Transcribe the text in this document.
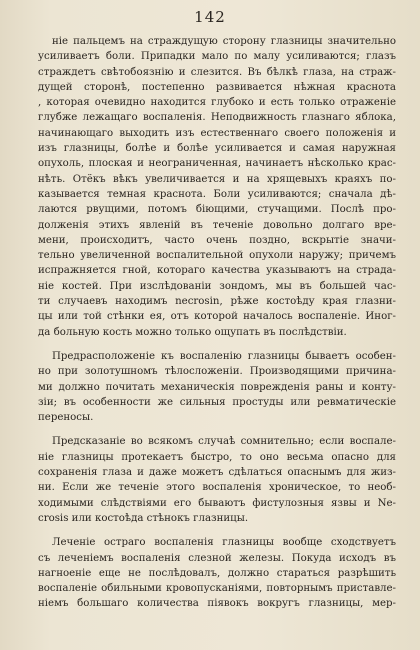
142

ніе пальцемъ на страждущую сторону глазницы значительно
усиливаетъ боли. Припадки мало по малу усиливаются; глазъ
страждетъ свѣтобоязнію и слезится. Въ бѣлкѣ глаза, на страж-
дущей сторонѣ, постепенно развивается нѣжная краснота
, которая очевидно находится глубоко и есть только отраженіе
глубже лежащаго воспаленія. Неподвижность глазнаго яблока,
начинающаго выходить изъ естественнаго своего положенія и
изъ глазницы, болѣе и болѣе усиливается и самая наружная
опухоль, плоская и неограниченная, начинаетъ нѣсколько крас-
нѣть. Отёкъ вѣкъ увеличивается и на хрящевыхъ краяхъ по-
казывается темная краснота. Боли усиливаются; сначала дѣ-
лаются рвущими, потомъ біющими, стучащими. Послѣ про-
долженія этихъ явленій въ теченіе довольно долгаго вре-
мени, происходитъ, часто очень поздно, вскрытіе значи-
тельно увеличенной воспалительной опухоли наружу; причемъ
испражняется гной, котораго качества указываютъ на страда-
ніе костей. При изслѣдованіи зондомъ, мы въ большей час-
ти случаевъ находимъ necrosin, рѣже костоѣду края глазни-
цы или той стѣнки ея, отъ которой началось воспаленіе. Иног-
да больную кость можно только ощупать въ послѣдствіи.

Предрасположеніе къ воспаленію глазницы бываетъ особен-
но при золотушномъ тѣлосложеніи. Производящими причина-
ми должно почитать механическія поврежденія раны и конту-
зіи; въ особенности же сильныя простуды или ревматическіе
переносы.

Предсказаніе во всякомъ случаѣ сомнительно; если воспале-
ніе глазницы протекаетъ быстро, то оно весьма опасно для
сохраненія глаза и даже можетъ сдѣлаться опаснымъ для жиз-
ни. Если же теченіе этого воспаленія хроническое, то необ-
ходимыми слѣдствіями его бываютъ фистулозныя язвы и Ne-
crosis или костоѣда стѣнокъ глазницы.

Леченіе остраго воспаленія глазницы вообще сходствуетъ
съ леченіемъ воспаленія слезной железы. Покуда исходъ въ
нагноеніе еще не послѣдовалъ, должно стараться разрѣшить
воспаленіе обильными кровопусканіями, повторнымъ приставле-
ніемъ большаго количества піявокъ вокругъ глазницы, мер-
